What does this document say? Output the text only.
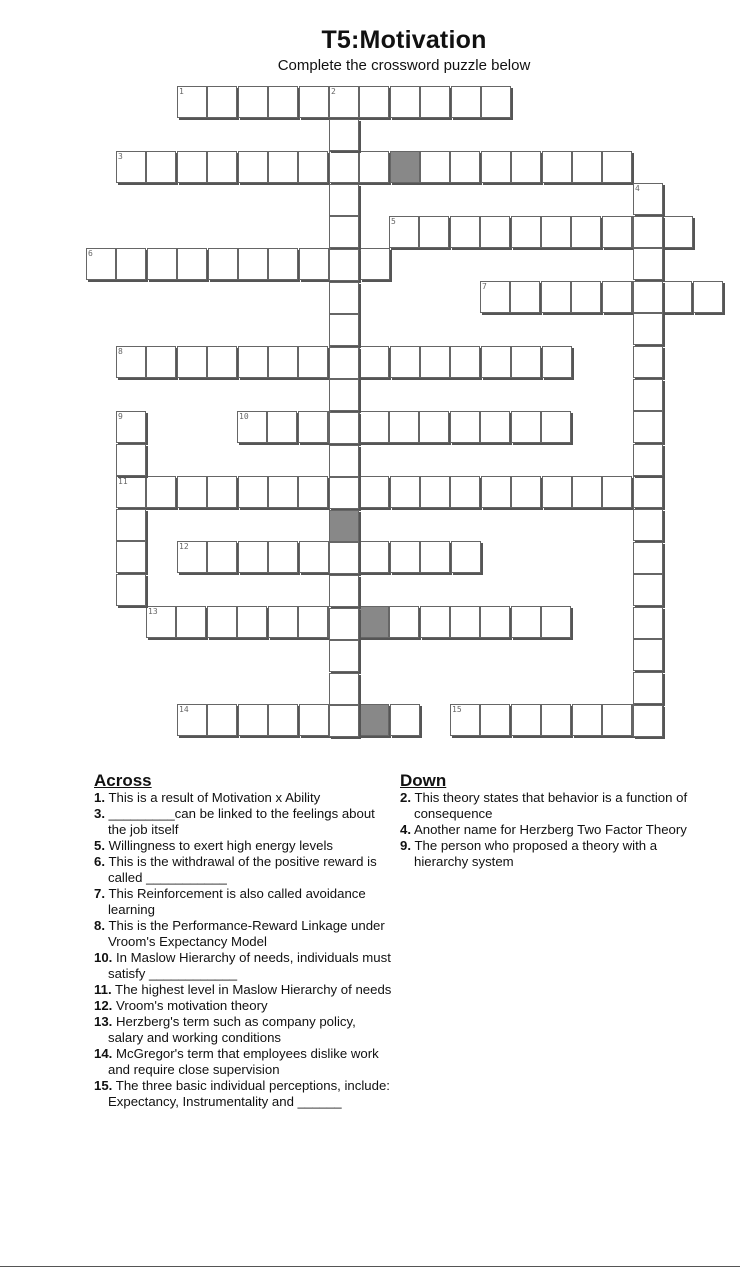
T5:Motivation
Complete the crossword puzzle below
1	2
3
5
6
7
8
10
11
12
13
14	15
4
9
Across

1. This is a result of Motivation x Ability

3. _________can be linked to the feelings about the job itself

5. Willingness to exert high energy levels

6. This is the withdrawal of the positive reward is called ___________

7. This Reinforcement is also called avoidance learning

8. This is the Performance-Reward Linkage under Vroom's Expectancy Model

10. In Maslow Hierarchy of needs, individuals must satisfy ____________

11. The highest level in Maslow Hierarchy of needs

12. Vroom's motivation theory

13. Herzberg's term such as company policy, salary and working conditions

14. McGregor's term that employees dislike work and require close supervision

15. The three basic individual perceptions, include: Expectancy, Instrumentality and ______

Down

2. This theory states that behavior is a function of consequence

4. Another name for Herzberg Two Factor Theory

9. The person who proposed a theory with a hierarchy system
